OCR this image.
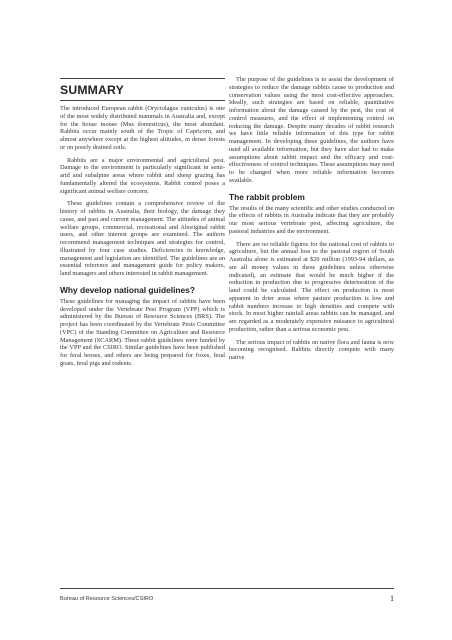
SUMMARY

The introduced European rabbit (Oryctolagus cuniculus) is one of the most widely distributed mammals in Australia and, except for the house mouse (Mus domesticus), the most abundant. Rabbits occur mainly south of the Tropic of Capricorn, and almost anywhere except at the highest altitudes, in dense forests or on poorly drained soils.

Rabbits are a major environmental and agricultural pest. Damage to the environment is particularly significant in semi-arid and subalpine areas where rabbit and sheep grazing has fundamentally altered the ecosystems. Rabbit control poses a significant animal welfare concern.

These guidelines contain a comprehensive review of the history of rabbits in Australia, their biology, the damage they cause, and past and current management. The attitudes of animal welfare groups, commercial, recreational and Aboriginal rabbit users, and other interest groups are examined. The authors recommend management techniques and strategies for control, illustrated by four case studies. Deficiencies in knowledge, management and legislation are identified. The guidelines are an essential reference and management guide for policy makers, land managers and others interested in rabbit management.

Why develop national guidelines?

These guidelines for managing the impact of rabbits have been developed under the Vertebrate Pest Program (VPP) which is administered by the Bureau of Resource Sciences (BRS). The project has been coordinated by the Vertebrate Pests Committee (VPC) of the Standing Committee on Agriculture and Resource Management (SCARM). These rabbit guidelines were funded by the VPP and the CSIRO. Similar guidelines have been published for feral horses, and others are being prepared for foxes, feral goats, feral pigs and rodents.

The purpose of the guidelines is to assist the development of strategies to reduce the damage rabbits cause to production and conservation values using the most cost-effective approaches. Ideally, such strategies are based on reliable, quantitative information about the damage caused by the pest, the cost of control measures, and the effect of implementing control on reducing the damage. Despite many decades of rabbit research we have little reliable information of this type for rabbit management. In developing these guidelines, the authors have used all available information, but they have also had to make assumptions about rabbit impact and the efficacy and cost-effectiveness of control techniques. These assumptions may need to be changed when more reliable information becomes available.

The rabbit problem

The results of the many scientific and other studies conducted on the effects of rabbits in Australia indicate that they are probably our most serious vertebrate pest, affecting agriculture, the pastoral industries and the environment.

There are no reliable figures for the national cost of rabbits to agriculture, but the annual loss to the pastoral region of South Australia alone is estimated at $20 million (1993-94 dollars, as are all money values in these guidelines unless otherwise indicated), an estimate that would be much higher if the reduction in production due to progressive deterioration of the land could be calculated. The effect on production is most apparent in drier areas where pasture production is low and rabbit numbers increase to high densities and compete with stock. In most higher rainfall areas rabbits can be managed, and are regarded as a moderately expensive nuisance to agricultural production, rather than a serious economic pest.

The serious impact of rabbits on native flora and fauna is now becoming recognised. Rabbits directly compete with many native

Bureau of Resource Sciences/CSIRO	1
